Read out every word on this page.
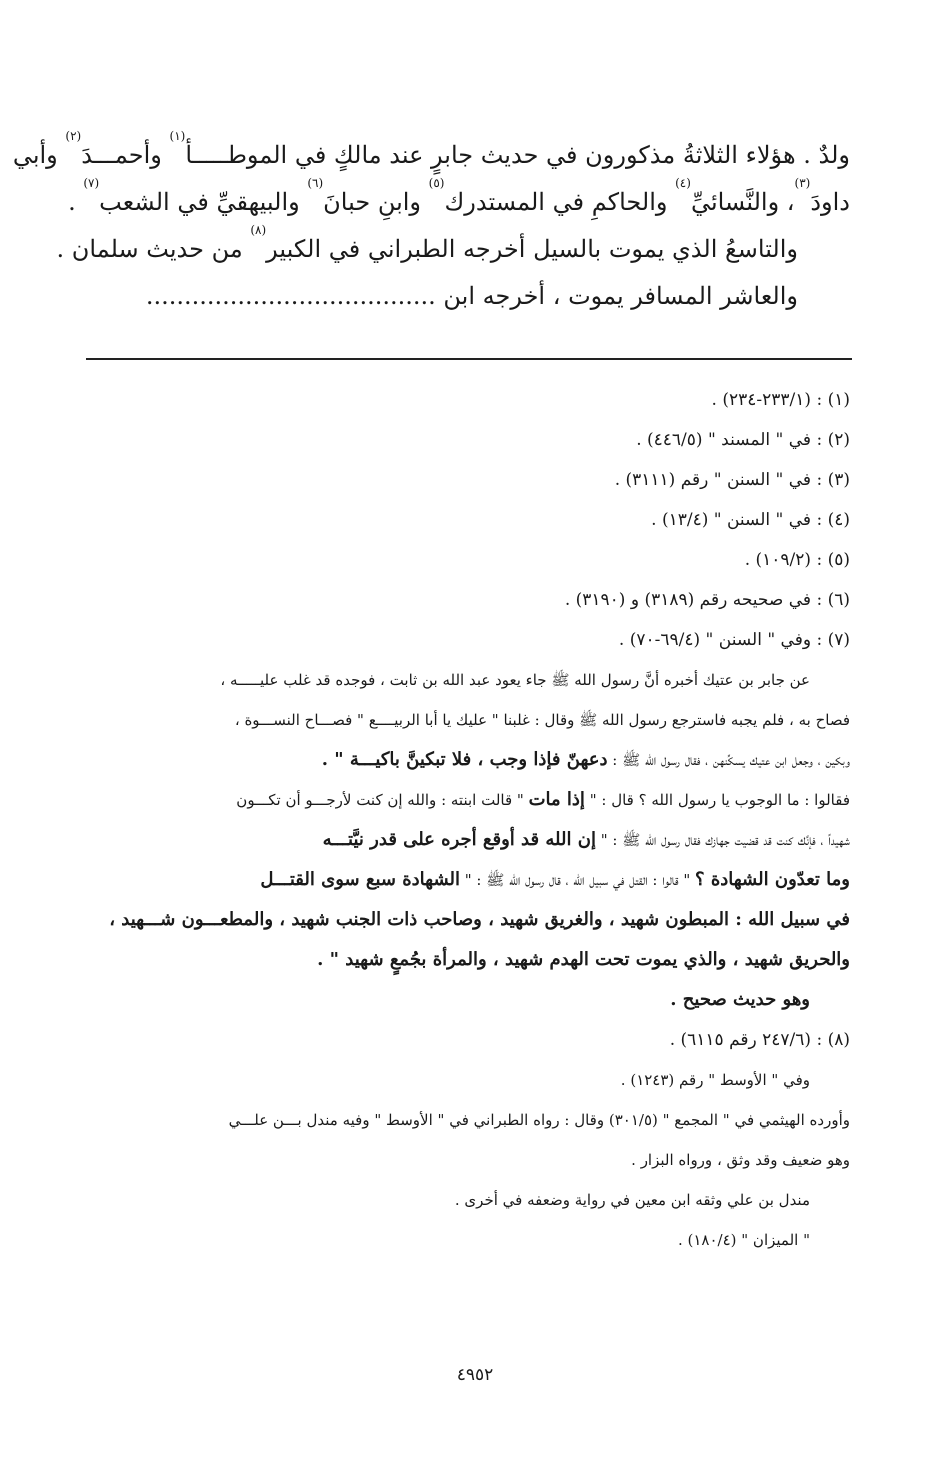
ولدٌ . هؤلاء الثلاثةُ مذكورون في حديث جابرٍ عند مالكٍ في الموطـــــأ$^{(١)}$ وأحمـــدَ$^{(٢)}$ وأبي

داودَ$^{(٣)}$، والنَّسائيِّ$^{(٤)}$ والحاكمِ في المستدرك$^{(٥)}$ وابنِ حبانَ$^{(٦)}$ والبيهقيِّ في الشعب$^{(٧)}$ .

والتاسعُ الذي يموت بالسيل أخرجه الطبراني في الكبير$^{(٨)}$ من حديث سلمان .

والعاشر المسافر يموت ، أخرجه ابن ......................................

(١) : (٢٣٣/١-٢٣٤) .

(٢) : في " المسند " (٤٤٦/٥) .

(٣) : في " السنن " رقم (٣١١١) .

(٤) : في " السنن " (١٣/٤) .

(٥) : (١٠٩/٢) .

(٦) : في صحيحه رقم (٣١٨٩) و (٣١٩٠) .

(٧) : وفي " السنن " (٦٩/٤-٧٠) .

عن جابر بن عتيك أخبره أنَّ رسول الله ﷺ جاء يعود عبد الله بن ثابت ، فوجده قد غلب عليـــــه ،

فصاح به ، فلم يجبه فاسترجع رسول الله ﷺ وقال : غلبنا " عليك يا أبا الربيــــع " فصـــاح النســـوة ،

وبكين ، وجعل ابن عتيك يسكِّنهن ، فقال رسول الله ﷺ : دعهنّ فإذا وجب ، فلا تبكينَّ باكيـــة " .

فقالوا : ما الوجوب يا رسول الله ؟ قال : " إذا مات " قالت ابنته : والله إن كنت لأرجـــو أن تكـــون

شهيداً ، فإنَّك كنت قد قضيت جهازك فقال رسول الله ﷺ : " إن الله قد أوقع أجره على قدر نيَّتـــه

وما تعدّون الشهادة ؟ " قالوا : القتل في سبيل الله ، قال رسول الله ﷺ : " الشهادة سبع سوى القتـــل

في سبيل الله : المبطون شهيد ، والغريق شهيد ، وصاحب ذات الجنب شهيد ، والمطعـــون شـــهيد ،

والحريق شهيد ، والذي يموت تحت الهدم شهيد ، والمرأة بجُمعٍ شهيد " .

وهو حديث صحيح .

(٨) : (٢٤٧/٦ رقم ٦١١٥) .

وفي " الأوسط " رقم (١٢٤٣) .

وأورده الهيثمي في " المجمع " (٣٠١/٥) وقال : رواه الطبراني في " الأوسط " وفيه مندل بـــن علـــي

وهو ضعيف وقد وثق ، ورواه البزار .

مندل بن علي وثقه ابن معين في رواية وضعفه في أخرى .

" الميزان " (١٨٠/٤) .

٤٩٥٢
